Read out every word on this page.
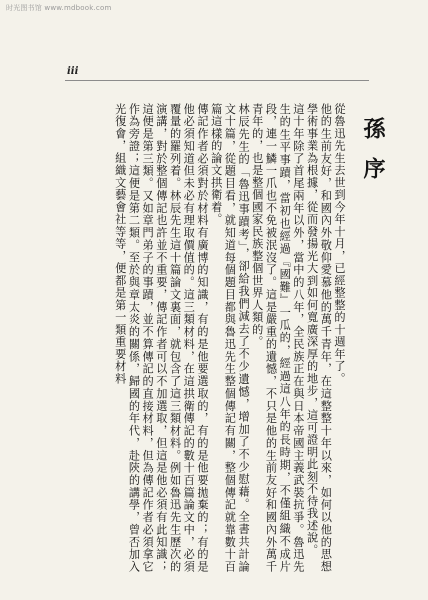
时光图书馆 www.mdbook.com
iii
孫序

從魯迅先生去世到今年十月，已經整整的十週年了。

他的生前友好，和國內外敬仰愛慕他的萬千青年，在這整整十年以來，如何以他的思想學術事業為根據，從而發揚光大到如何寬廣深厚的地步，這可證明此刻不待我述說。

這十年除了首尾兩年以外，當中的八年，全民族正在與日本帝國主義武裝抗爭。魯迅先生的生平事蹟，當初也經過『國難』一瓜的，經過這八年的長時期，不僅組織不成片段，連一鱗一爪也不免被泯沒了。這是嚴重的遺憾，不只是他的生前友好和國內外萬千青年的，也是整個國家民族整個世界人類的。

林辰先生的「魯迅事蹟考」，卻給我們減去了不少遺憾，增加了不少慰藉。全書共計論文十篇，從題目看，就知道每個題目都與魯迅先生整個傳記有關，整個傳記就靠數十百篇這樣的論文拱衛着。

傳記作者必須對於材料有廣博的知識，有的是他要選取的，有的是他要拋棄的；有的是他必須知道但未必有理取價值的。這三類材料，在這拱衛傳記的數十百篇論文中，必須覆量的羅列着。林辰先生這十篇論文裏面，就包含了這三類材料。例如魯迅先生歷次的演講，對於整個傳記也許並不重要，傳記作者可以不加選取，但這是他必須有此知識；這便是第三類。又如章門弟子的事蹟，並不算傳記的直接材料，但為傳記作者必須拿它作為旁證；這便是第二類。至於與章太炎的關係，歸國的年代，赴陝的講學，曾否加入光復會，組織文藝會社等等，便都是第一類重要材料
